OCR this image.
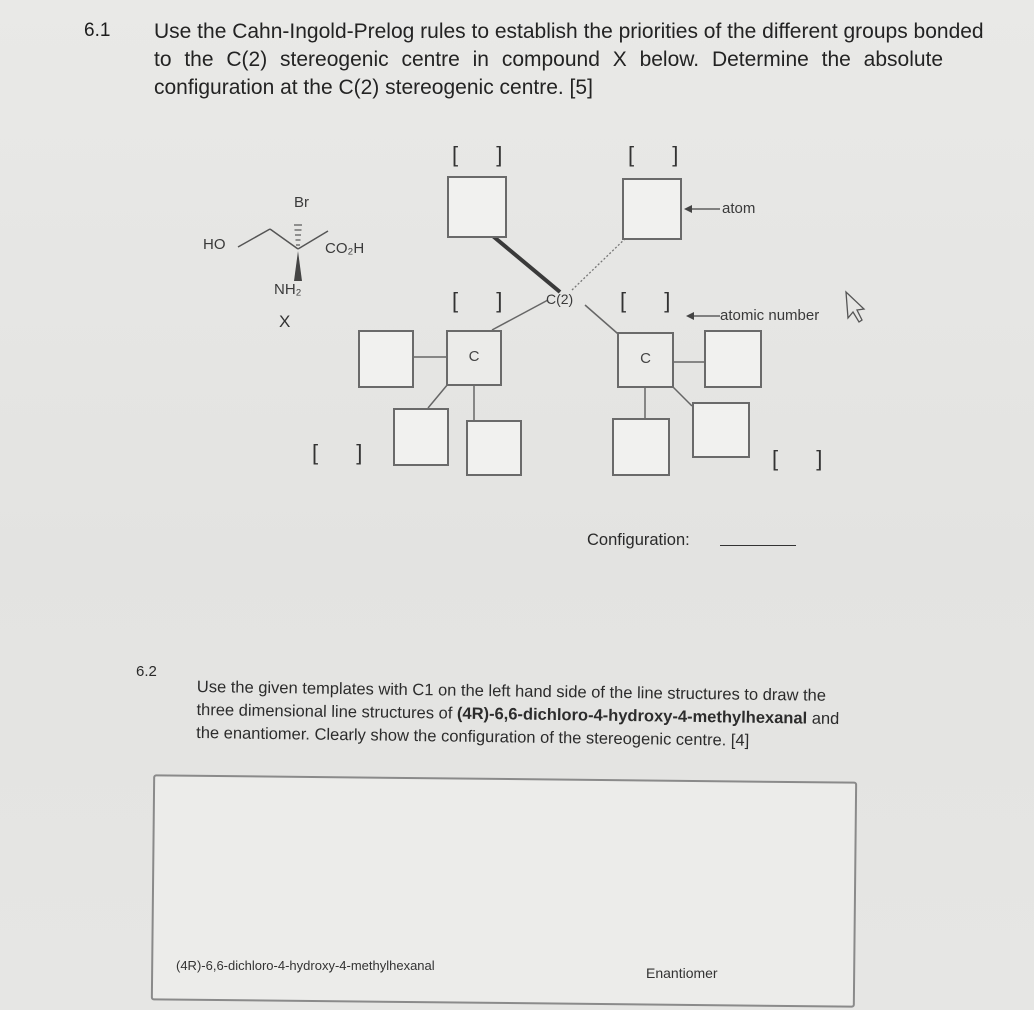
6.1 Use the Cahn-Ingold-Prelog rules to establish the priorities of the different groups bonded
to the C(2) stereogenic centre in compound X below. Determine the absolute
configuration at the C(2) stereogenic centre. [5]
HO
Br
CO₂H
NH₂
X
[ ]	[ ]
[ ]	[ ]
[ ]	[ ]
C(2)
atom
atomic number
C	C
Configuration:
6.2
Use the given templates with C1 on the left hand side of the line structures to draw the
three dimensional line structures of (4R)-6,6-dichloro-4-hydroxy-4-methylhexanal and
the enantiomer. Clearly show the configuration of the stereogenic centre. [4]
(4R)-6,6-dichloro-4-hydroxy-4-methylhexanal	Enantiomer
